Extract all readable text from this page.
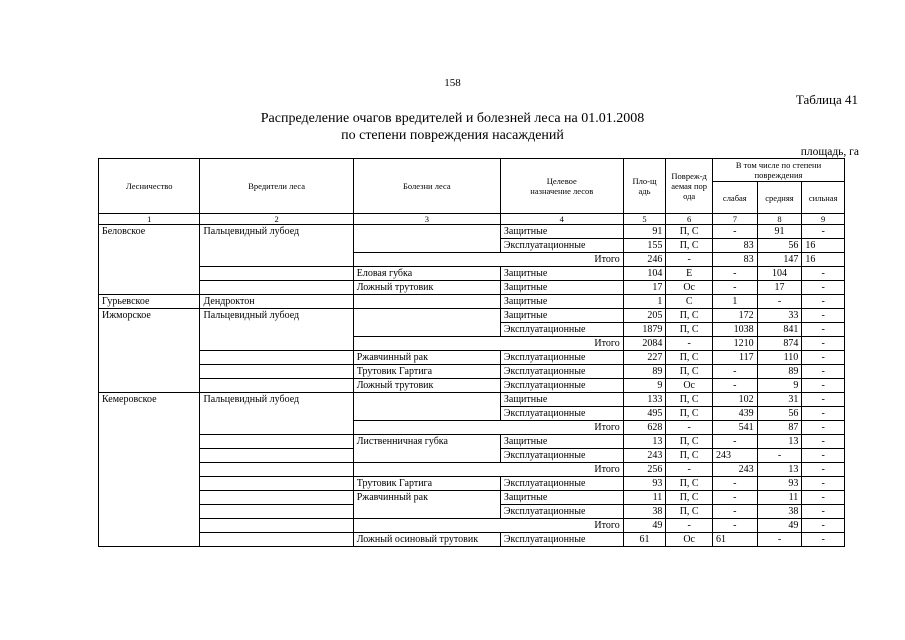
158
Таблица 41
Распределение очагов вредителей и болезней леса на 01.01.2008
по степени повреждения насаждений
площадь, га
Лесничество	Вредители леса	Болезни леса	Целевое назначение лесов	Пло-щадь	Повреж-даемая порода	В том числе по степени повреждения		

						слабая	средняя	сильная
1	2	3	4	5	6	7	8	9
Беловское	Пальцевидный лубоед		Защитные	91	П, С	-	91	-
			Эксплуатационные	155	П, С	83	56	16
		Итого		246	-	83	147	16
		Еловая губка	Защитные	104	Е	-	104	-
		Ложный трутовик	Защитные	17	Ос	-	17	-
Гурьевское	Дендроктон		Защитные	1	С	1	-	-
Ижморское	Пальцевидный лубоед		Защитные	205	П, С	172	33	-
			Эксплуатационные	1879	П, С	1038	841	-
		Итого		2084	-	1210	874	-
		Ржавчинный рак	Эксплуатационные	227	П, С	117	110	-
		Трутовик Гартига	Эксплуатационные	89	П, С	-	89	-
		Ложный трутовик	Эксплуатационные	9	Ос	-	9	-
Кемеровское	Пальцевидный лубоед		Защитные	133	П, С	102	31	-
			Эксплуатационные	495	П, С	439	56	-
		Итого		628	-	541	87	-
		Лиственничная губка	Защитные	13	П, С	-	13	-
			Эксплуатационные	243	П, С	243	-	-
		Итого		256	-	243	13	-
		Трутовик Гартига	Эксплуатационные	93	П, С	-	93	-
		Ржавчинный рак	Защитные	11	П, С	-	11	-
			Эксплуатационные	38	П, С	-	38	-
		Итого		49	-	-	49	-
		Ложный осиновый трутовик	Эксплуатационные	61	Ос	61	-	-
